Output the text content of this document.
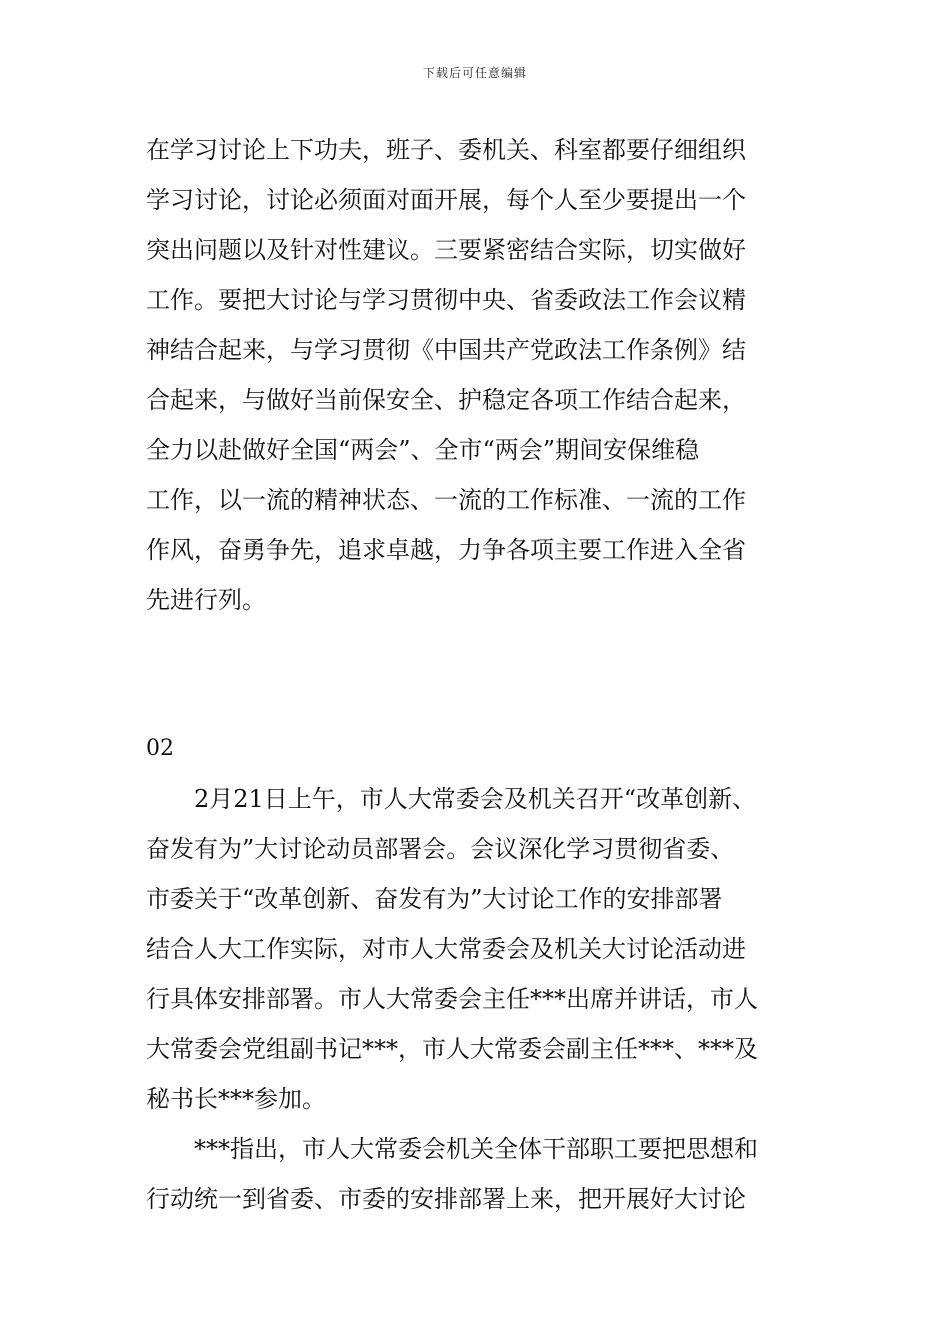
下载后可任意编辑
在学习讨论上下功夫，班子、委机关、科室都要仔细组织
学习讨论，讨论必须面对面开展，每个人至少要提出一个
突出问题以及针对性建议。三要紧密结合实际，切实做好
工作。要把大讨论与学习贯彻中央、省委政法工作会议精
神结合起来，与学习贯彻《中国共产党政法工作条例》结
合起来，与做好当前保安全、护稳定各项工作结合起来，
全力以赴做好全国“两会”、全市“两会”期间安保维稳
工作，以一流的精神状态、一流的工作标准、一流的工作
作风，奋勇争先，追求卓越，力争各项主要工作进入全省
先进行列。
02
　　2月21日上午，市人大常委会及机关召开“改革创新、
奋发有为”大讨论动员部署会。会议深化学习贯彻省委、
市委关于“改革创新、奋发有为”大讨论工作的安排部署
结合人大工作实际，对市人大常委会及机关大讨论活动进
行具体安排部署。市人大常委会主任***出席并讲话，市人
大常委会党组副书记***，市人大常委会副主任***、***及
秘书长***参加。
　　***指出，市人大常委会机关全体干部职工要把思想和
行动统一到省委、市委的安排部署上来，把开展好大讨论
